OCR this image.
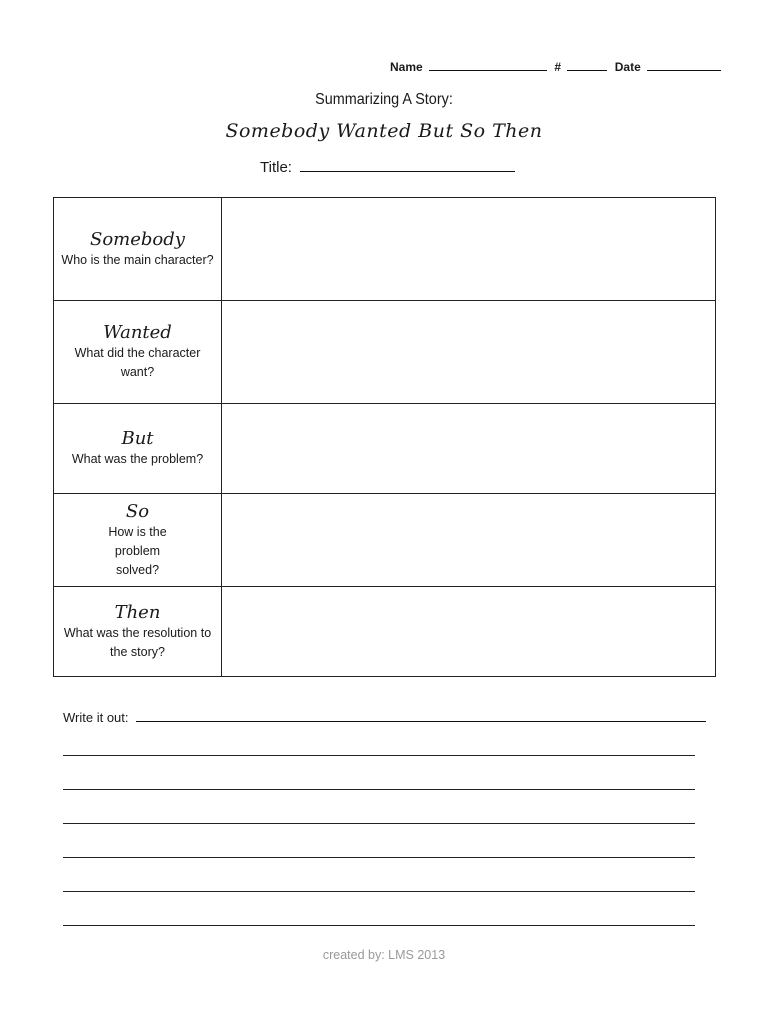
Name	#	Date
Summarizing A Story:
Somebody Wanted But So Then
Title:
Somebody
Who is the main character?	

Wanted
What did the character want?	

But
What was the problem?	

So
How is the problem solved?	

Then
What was the resolution to the story?	

Write it out:
created by: LMS 2013
